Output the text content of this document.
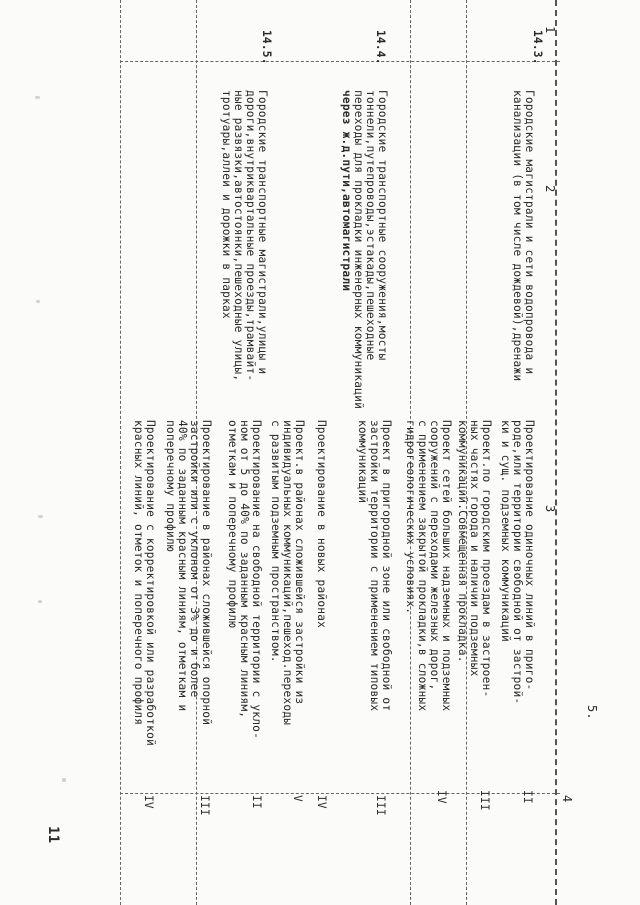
1
2
3
4
5.
14.3.
Городские магистрали и сети водопровода и
канализации (в том числе дождевой),дренажи
Проектирование одиночных линий в приго-
роде,или территории свободной от застрой-
ки и сущ. подземных коммуникаций
II
Проект.по городским проездам в застроен-
ных частях города и наличии подземных
коммуникаций.Совмещенная прокладка.
III
Проект сетей больших надземных и подземных
сооружений с переходами железных дорог,
с применением закрытой прокладки,в сложных
гидрогеологических условиях.
IV
14.4.
Городские транспортные сооружения,мосты
тоннели,путепроводы,эстакады,пешеходные
переходы для прокладки инженерных коммуникаций
через ж.д.пути,автомагистрали
Проект в пригородной зоне или свободной от
застройки территории с применением типовых
коммуникаций
III
Проектирование в новых районах
IV
Проект.в районах сложившейся застройки из
индивидуальных коммуникаций,пешеход.переходы
с развитым подземным пространством.
V
14.5.
Городские транспортные магистрали,улицы и
дороги,внутриквартальные проезды,трамвайт-
ные развязки,автостоянки,пешеходные улицы,
тротуары,аллеи и дорожки в парках
Проектирование на свободной территории с укло-
ном от 5 до 40% по заданным красным линиям,
отметкам и поперечному профилю
II
Проектирование в районах сложившейся опорной
застройки или с уклоном от 3% до и более
40% по заданным красным линиям, отметкам и
поперечному профилю
III
Проектирование с корректировкой или разработкой
красных линий, отметок и поперечного профиля
IV
11
